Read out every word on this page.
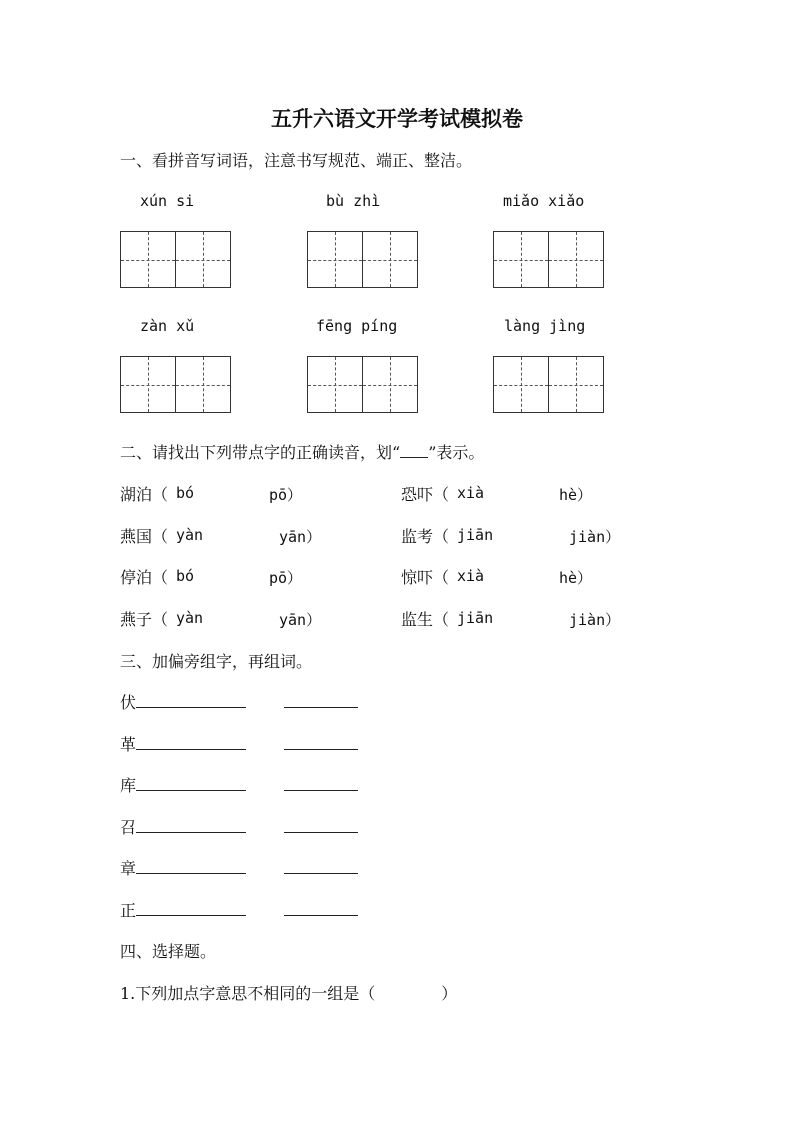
五升六语文开学考试模拟卷
一、看拼音写词语，注意书写规范、端正、整洁。
xún si	bù zhì	miǎo xiǎo
zàn xǔ	fēng píng	làng jìng
二、请找出下列带点字的正确读音，划“ ”表示。
湖泊（ bó	pō）	恐吓（ xià	hè）
燕国（ yàn	yān）	监考（ jiān	jiàn）
停泊（ bó	pō）	惊吓（ xià	hè）
燕子（ yàn	yān）	监生（ jiān	jiàn）
三、加偏旁组字，再组词。
伏
革
库
召
章
正
四、选择题。
1.下列加点字意思不相同的一组是（	）
